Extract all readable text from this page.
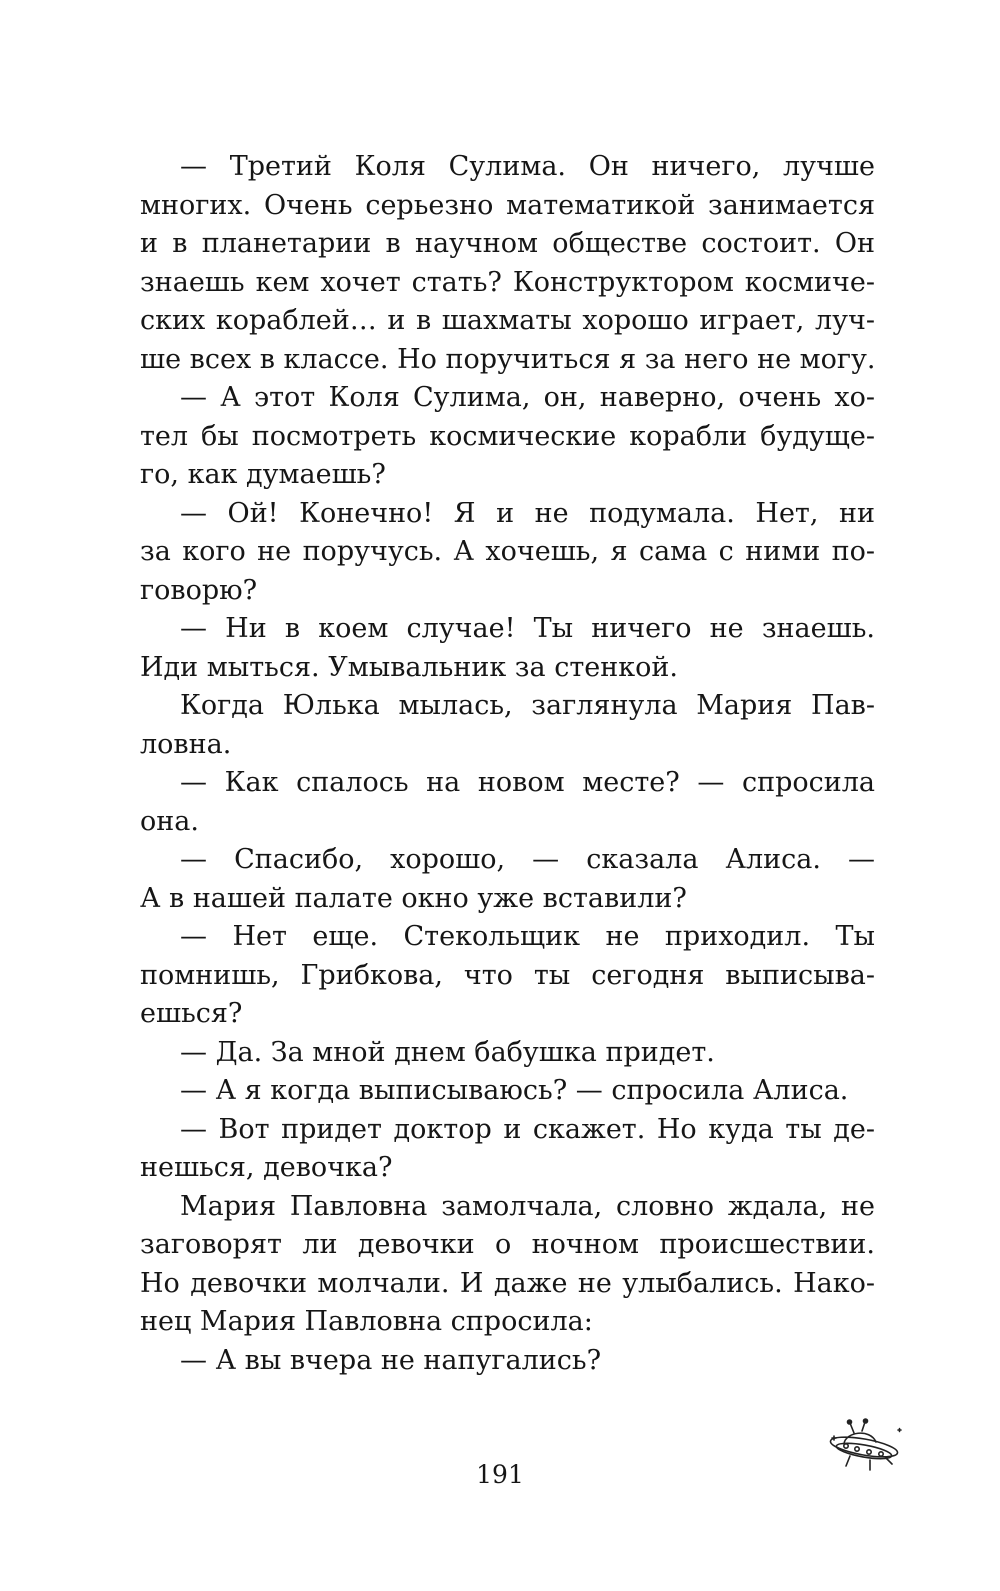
— Третий Коля Сулима. Он ничего, лучше
многих. Очень серьезно математикой занимается
и в планетарии в научном обществе состоит. Он
знаешь кем хочет стать? Конструктором космиче-
ских кораблей… и в шахматы хорошо играет, луч-
ше всех в классе. Но поручиться я за него не могу.
— А этот Коля Сулима, он, наверно, очень хо-
тел бы посмотреть космические корабли будуще-
го, как думаешь?
— Ой! Конечно! Я и не подумала. Нет, ни
за кого не поручусь. А хочешь, я сама с ними по-
говорю?
— Ни в коем случае! Ты ничего не знаешь.
Иди мыться. Умывальник за стенкой.
Когда Юлька мылась, заглянула Мария Пав-
ловна.
— Как спалось на новом месте? — спросила
она.
— Спасибо, хорошо, — сказала Алиса. —
А в нашей палате окно уже вставили?
— Нет еще. Стекольщик не приходил. Ты
помнишь, Грибкова, что ты сегодня выписыва-
ешься?
— Да. За мной днем бабушка придет.
— А я когда выписываюсь? — спросила Алиса.
— Вот придет доктор и скажет. Но куда ты де-
нешься, девочка?
Мария Павловна замолчала, словно ждала, не
заговорят ли девочки о ночном происшествии.
Но девочки молчали. И даже не улыбались. Нако-
нец Мария Павловна спросила:
— А вы вчера не напугались?
191
